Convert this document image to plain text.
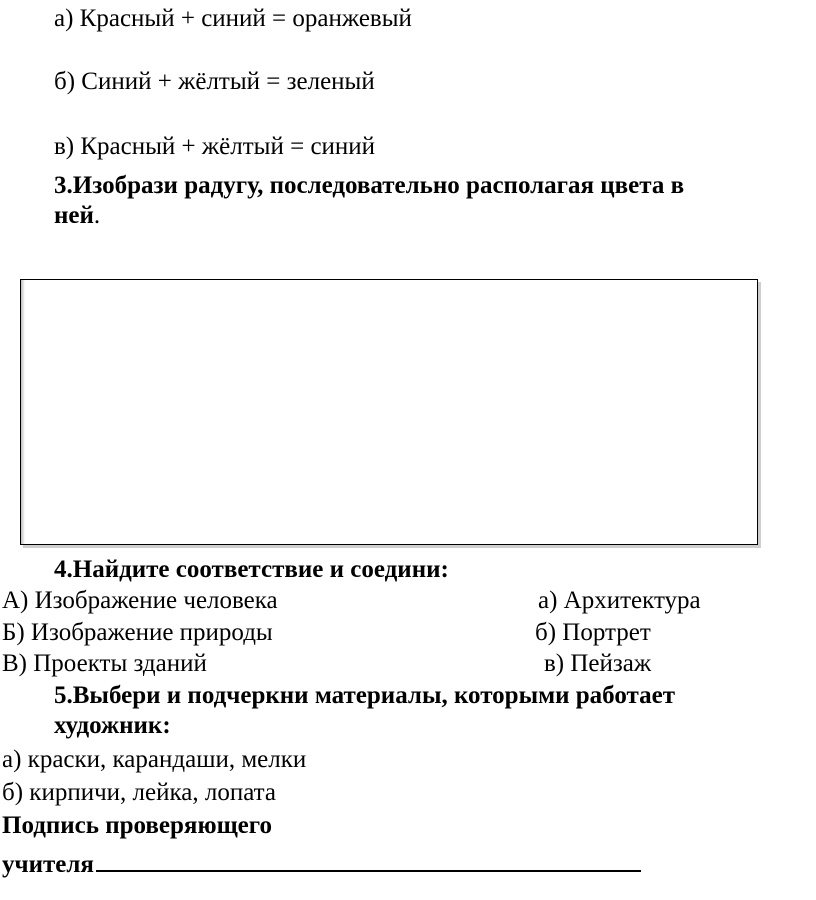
а) Красный + синий = оранжевый
б) Синий + жёлтый = зеленый
в) Красный + жёлтый = синий
3.Изобрази радугу, последовательно располагая цвета в
ней.
4.Найдите соответствие и соедини:
А) Изображение человека	а) Архитектура
Б) Изображение природы	б) Портрет
В) Проекты зданий	в) Пейзаж
5.Выбери и подчеркни материалы, которыми работает
художник:
а) краски, карандаши, мелки
б) кирпичи, лейка, лопата
Подпись проверяющего
учителя
